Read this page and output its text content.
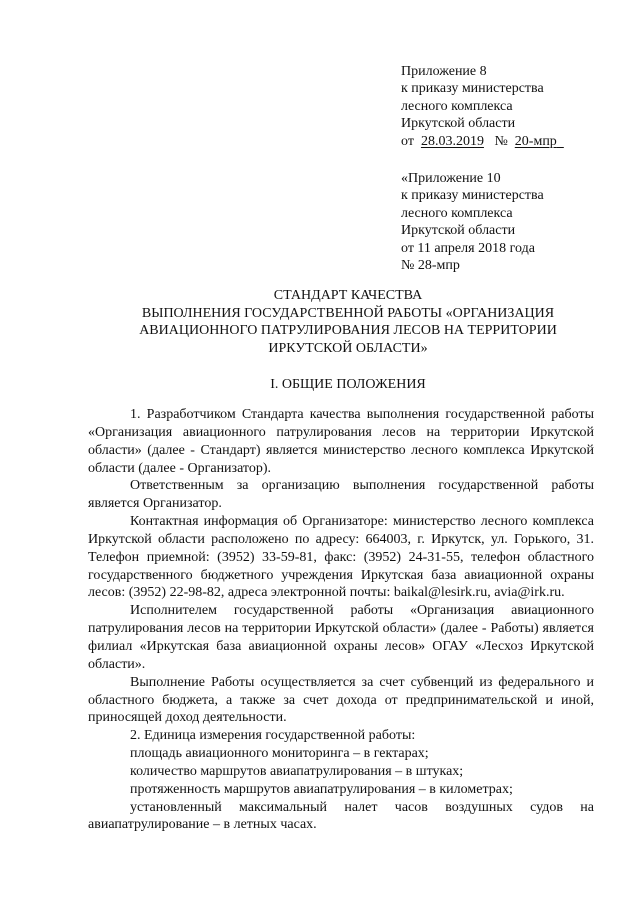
Приложение 8
к приказу министерства
лесного комплекса
Иркутской области
от 28.03.2019 № 20-мпр
«Приложение 10
к приказу министерства
лесного комплекса
Иркутской области
от 11 апреля 2018 года
№ 28-мпр
СТАНДАРТ КАЧЕСТВА
ВЫПОЛНЕНИЯ ГОСУДАРСТВЕННОЙ РАБОТЫ «ОРГАНИЗАЦИЯ
АВИАЦИОННОГО ПАТРУЛИРОВАНИЯ ЛЕСОВ НА ТЕРРИТОРИИ
ИРКУТСКОЙ ОБЛАСТИ»
I. ОБЩИЕ ПОЛОЖЕНИЯ

1. Разработчиком Стандарта качества выполнения государственной работы «Организация авиационного патрулирования лесов на территории Иркутской области» (далее - Стандарт) является министерство лесного комплекса Иркутской области (далее - Организатор).

Ответственным за организацию выполнения государственной работы является Организатор.

Контактная информация об Организаторе: министерство лесного комплекса Иркутской области расположено по адресу: 664003, г. Иркутск, ул. Горького, 31. Телефон приемной: (3952) 33-59-81, факс: (3952) 24-31-55, телефон областного государственного бюджетного учреждения Иркутская база авиационной охраны лесов: (3952) 22-98-82, адреса электронной почты: baikal@lesirk.ru, avia@irk.ru.

Исполнителем государственной работы «Организация авиационного патрулирования лесов на территории Иркутской области» (далее - Работы) является филиал «Иркутская база авиационной охраны лесов» ОГАУ «Лесхоз Иркутской области».

Выполнение Работы осуществляется за счет субвенций из федерального и областного бюджета, а также за счет дохода от предпринимательской и иной, приносящей доход деятельности.

2. Единица измерения государственной работы:

площадь авиационного мониторинга – в гектарах;

количество маршрутов авиапатрулирования – в штуках;

протяженность маршрутов авиапатрулирования – в километрах;

установленный максимальный налет часов воздушных судов на авиапатрулирование – в летных часах.
